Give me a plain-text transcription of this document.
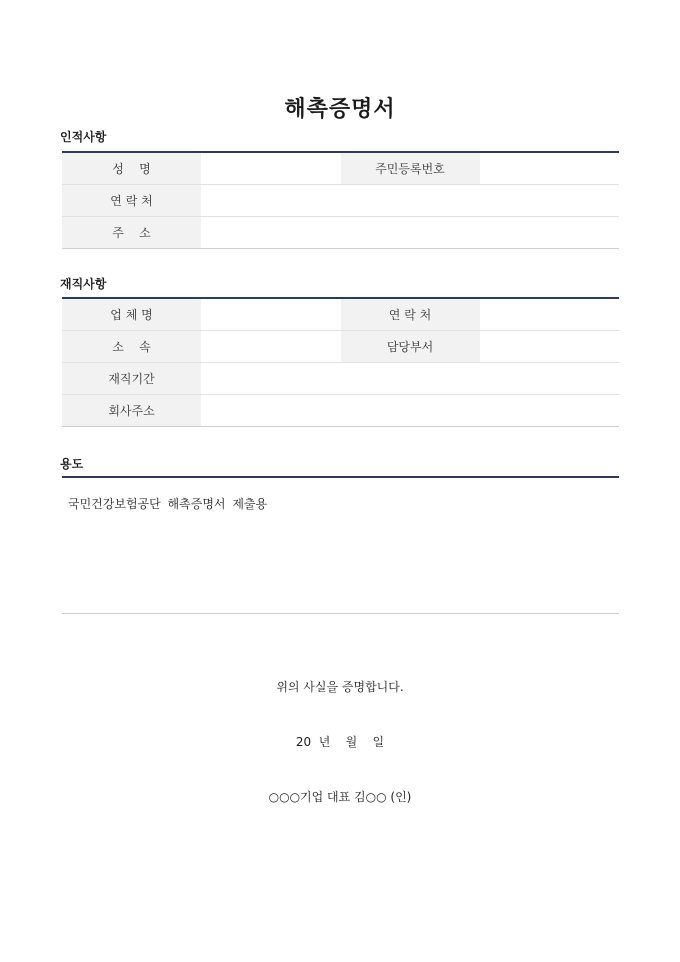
해촉증명서
인적사항
성    명		주민등록번호	
연 락 처			
주    소			
재직사항
업 체 명		연 락 처	
소    속		담당부서	
재직기간			
회사주소			
용도
국민건강보험공단 해촉증명서 제출용
위의 사실을 증명합니다.
20  년    월    일
○○○기업 대표 김○○ (인)
